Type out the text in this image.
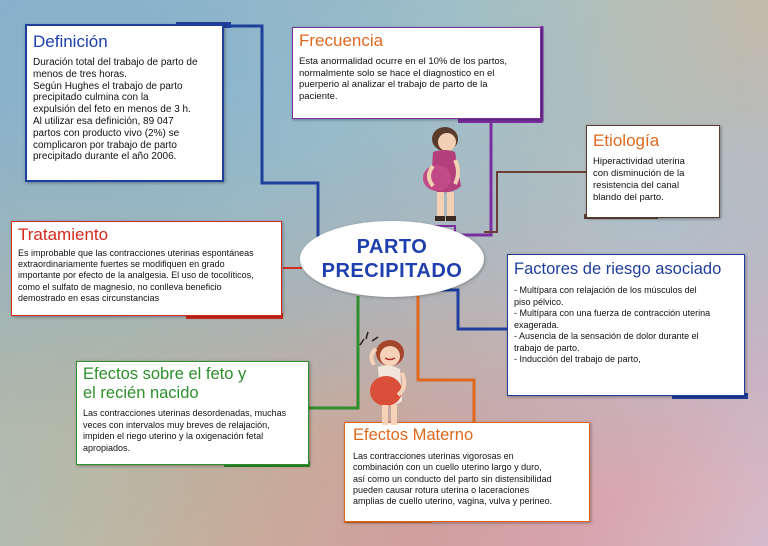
Definición
Duración total del trabajo de parto de
menos de tres horas.
Según Hughes el trabajo de parto
precipitado culmina con la
expulsión del feto en menos de 3 h.
Al utilizar esa definición, 89 047
partos con producto vivo (2%) se
complicaron por trabajo de parto
precipitado durante el año 2006.
Frecuencia
Esta anormalidad ocurre en el 10% de los partos,
normalmente solo se hace el diagnostico en el
puerperio al analizar el trabajo de parto de la
paciente.
Etiología
Hiperactividad uterina
con disminución de la
resistencia del canal
blando del parto.
Tratamiento
Es improbable que las contracciones uterinas espontáneas
extraordinariamente fuertes se modifiquen en grado
importante por efecto de la analgesia. El uso de tocolíticos,
como el sulfato de magnesio, no conlleva beneficio
demostrado en esas circunstancias
Factores de riesgo asociado
- Multípara con relajación de los músculos del
piso pélvico.
- Multípara con una fuerza de contracción uterina
exagerada.
- Ausencia de la sensación de dolor durante el
trabajo de parto.
- Inducción del trabajo de parto,
Efectos sobre el feto y
el recién nacido
Las contracciones uterinas desordenadas, muchas
veces con intervalos muy breves de relajación,
impiden el riego uterino y la oxigenación fetal
apropiados.
Efectos Materno
Las contracciones uterinas vigorosas en
combinación con un cuello uterino largo y duro,
así como un conducto del parto sin distensibilidad
pueden causar rotura uterina o laceraciones
amplias de cuello uterino, vagina, vulva y perineo.
PARTO
PRECIPITADO
